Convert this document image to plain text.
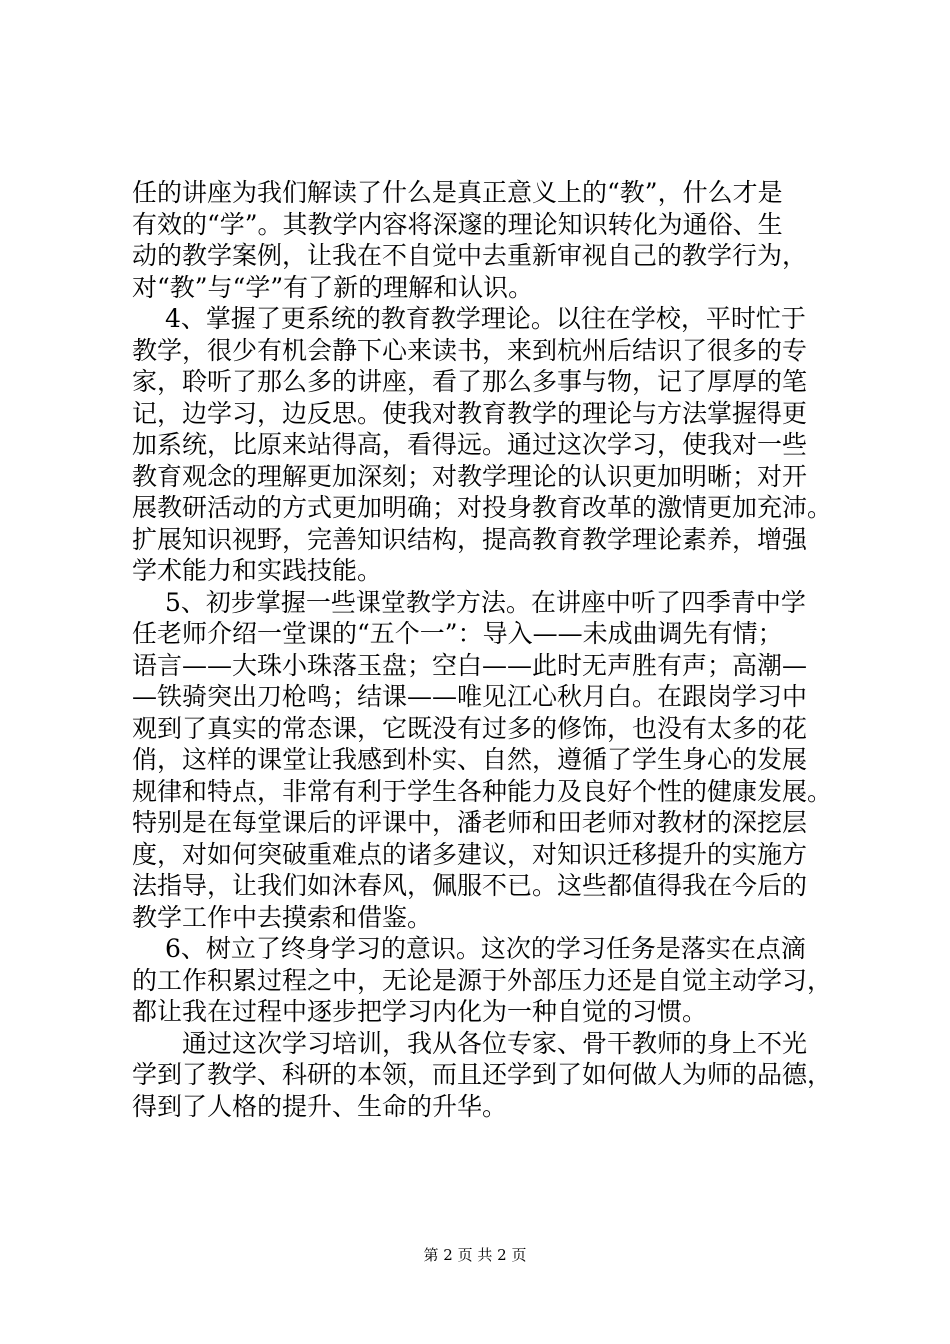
任的讲座为我们解读了什么是真正意义上的“教”，什么才是
有效的“学”。其教学内容将深邃的理论知识转化为通俗、生
动的教学案例，让我在不自觉中去重新审视自己的教学行为，
对“教”与“学”有了新的理解和认识。

　 4、掌握了更系统的教育教学理论。以往在学校，平时忙于
教学，很少有机会静下心来读书，来到杭州后结识了很多的专
家，聆听了那么多的讲座，看了那么多事与物，记了厚厚的笔
记，边学习，边反思。使我对教育教学的理论与方法掌握得更
加系统，比原来站得高，看得远。通过这次学习，使我对一些
教育观念的理解更加深刻；对教学理论的认识更加明晰；对开
展教研活动的方式更加明确；对投身教育改革的激情更加充沛。
扩展知识视野，完善知识结构，提高教育教学理论素养，增强
学术能力和实践技能。

　 5、初步掌握一些课堂教学方法。在讲座中听了四季青中学
任老师介绍一堂课的“五个一”：导入——未成曲调先有情；
语言——大珠小珠落玉盘；空白——此时无声胜有声；高潮—
—铁骑突出刀枪鸣；结课——唯见江心秋月白。在跟岗学习中
观到了真实的常态课，它既没有过多的修饰，也没有太多的花
俏，这样的课堂让我感到朴实、自然，遵循了学生身心的发展
规律和特点，非常有利于学生各种能力及良好个性的健康发展。
特别是在每堂课后的评课中，潘老师和田老师对教材的深挖层
度，对如何突破重难点的诸多建议，对知识迁移提升的实施方
法指导，让我们如沐春风，佩服不已。这些都值得我在今后的
教学工作中去摸索和借鉴。

　 6、树立了终身学习的意识。这次的学习任务是落实在点滴
的工作积累过程之中，无论是源于外部压力还是自觉主动学习，
都让我在过程中逐步把学习内化为一种自觉的习惯。

　　通过这次学习培训，我从各位专家、骨干教师的身上不光
学到了教学、科研的本领，而且还学到了如何做人为师的品德，
得到了人格的提升、生命的升华。

第 2 页 共 2 页
